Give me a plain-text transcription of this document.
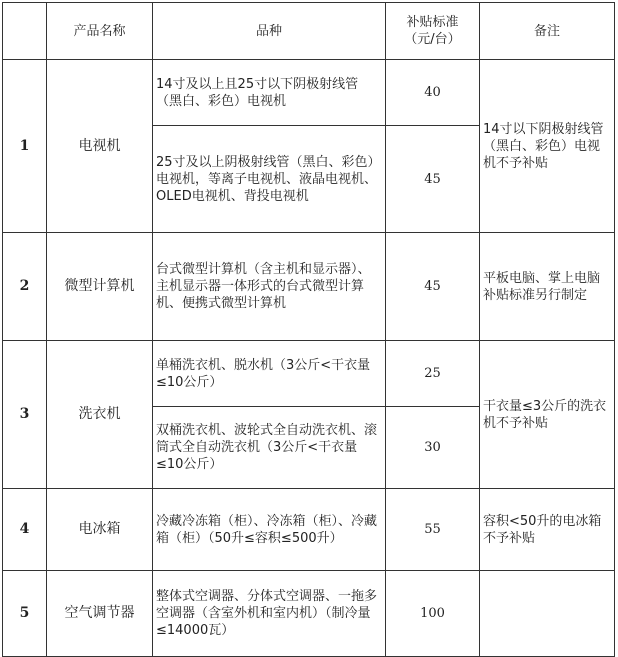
	产品名称	品种	补贴标准（元/台）	备注
1	电视机	14寸及以上且25寸以下阴极射线管（黑白、彩色）电视机	40	14寸以下阴极射线管（黑白、彩色）电视机不予补贴
		25寸及以上阴极射线管（黑白、彩色）电视机，等离子电视机、液晶电视机、OLED电视机、背投电视机	45	
2	微型计算机	台式微型计算机（含主机和显示器）、主机显示器一体形式的台式微型计算机、便携式微型计算机	45	平板电脑、掌上电脑补贴标准另行制定
3	洗衣机	单桶洗衣机、脱水机（3公斤<干衣量≤10公斤）	25	干衣量≤3公斤的洗衣机不予补贴
		双桶洗衣机、波轮式全自动洗衣机、滚筒式全自动洗衣机（3公斤<干衣量≤10公斤）	30	
4	电冰箱	冷藏冷冻箱（柜）、冷冻箱（柜）、冷藏箱（柜）（50升≤容积≤500升）	55	容积<50升的电冰箱不予补贴
5	空气调节器	整体式空调器、分体式空调器、一拖多空调器（含室外机和室内机）（制冷量≤14000瓦）	100	
